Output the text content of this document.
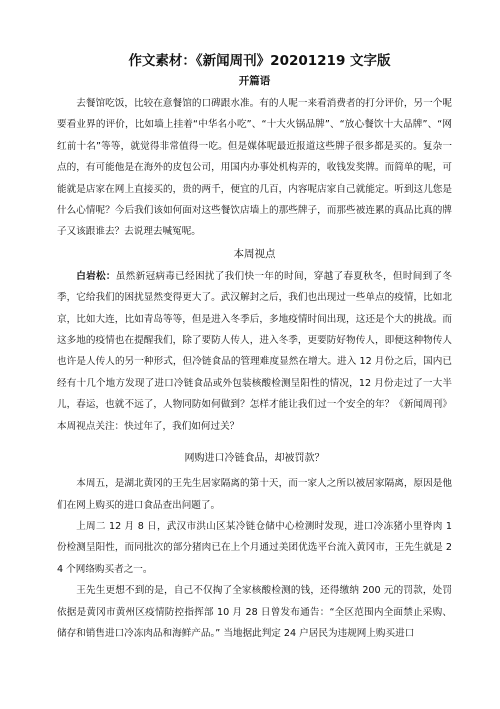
作文素材：《新闻周刊》20201219 文字版
开篇语

去餐馆吃饭，比较在意餐馆的口碑跟水准。有的人呢一来看消费者的打分评价，另一个呢要看业界的评价，比如墙上挂着“中华名小吃”、“十大火锅品牌”、“放心餐饮十大品牌”、“网红前十名”等等，就觉得非常值得一吃。但是媒体呢最近报道这些牌子很多都是买的。复杂一点的，有可能他是在海外的皮包公司，用国内办事处机构弄的，收钱发奖牌。而简单的呢，可能就是店家在网上直接买的，贵的两千，便宜的几百，内容呢店家自己就能定。听到这儿您是什么心情呢？今后我们该如何面对这些餐饮店墙上的那些牌子，而那些被连累的真品比真的牌子又该跟谁去？去说理去喊冤呢。

本周视点

白岩松：虽然新冠病毒已经困扰了我们快一年的时间，穿越了春夏秋冬，但时间到了冬季，它给我们的困扰显然变得更大了。武汉解封之后，我们也出现过一些单点的疫情，比如北京，比如大连，比如青岛等等，但是进入冬季后，多地疫情时间出现，这还是个大的挑战。而这多地的疫情也在提醒我们，除了要防人传人，进入冬季，更要防好物传人，即便这种物传人也许是人传人的另一种形式，但冷链食品的管理难度显然在增大。进入 12 月份之后，国内已经有十几个地方发现了进口冷链食品或外包装核酸检测呈阳性的情况，12 月份走过了一大半儿，春运，也就不远了，人物同防如何做到？怎样才能让我们过一个安全的年？《新闻周刊》本周视点关注：快过年了，我们如何过关？

网购进口冷链食品，却被罚款？

本周五，是湖北黄冈的王先生居家隔离的第十天，而一家人之所以被居家隔离，原因是他们在网上购买的进口食品查出问题了。

上周二 12 月 8 日，武汉市洪山区某冷链仓储中心检测时发现，进口冷冻猪小里脊肉 1 份检测呈阳性，而同批次的部分猪肉已在上个月通过美团优选平台流入黄冈市，王先生就是 24 个网络购买者之一。

王先生更想不到的是，自己不仅掏了全家核酸检测的钱，还得缴纳 200 元的罚款，处罚依据是黄冈市黄州区疫情防控指挥部 10 月 28 日曾发布通告：“全区范围内全面禁止采购、储存和销售进口冷冻肉品和海鲜产品。” 当地据此判定 24 户居民为违规网上购买进口
